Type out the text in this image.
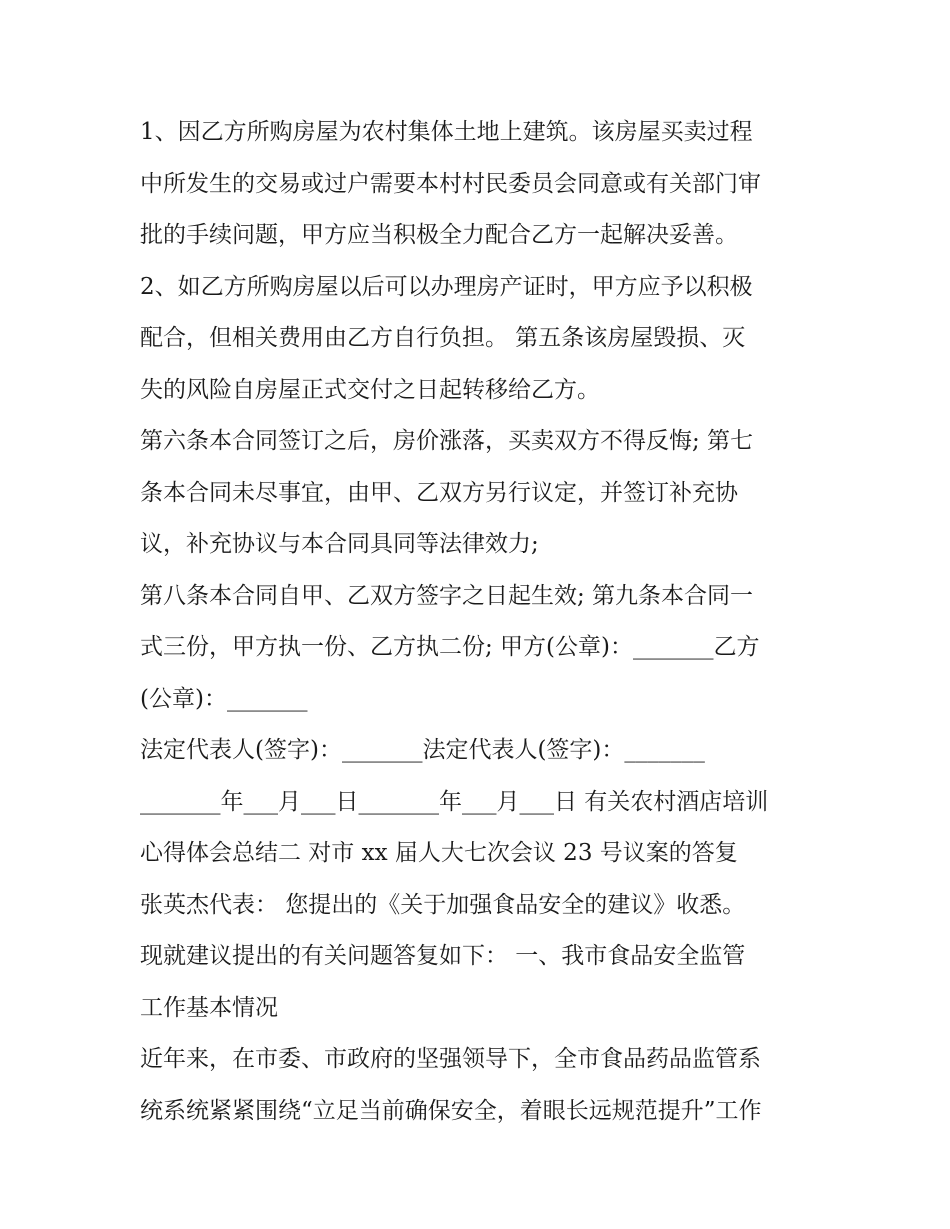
1、因乙方所购房屋为农村集体土地上建筑。该房屋买卖过程
中所发生的交易或过户需要本村村民委员会同意或有关部门审
批的手续问题，甲方应当积极全力配合乙方一起解决妥善。
2、如乙方所购房屋以后可以办理房产证时，甲方应予以积极
配合，但相关费用由乙方自行负担。 第五条该房屋毁损、灭
失的风险自房屋正式交付之日起转移给乙方。
第六条本合同签订之后，房价涨落，买卖双方不得反悔; 第七
条本合同未尽事宜，由甲、乙双方另行议定，并签订补充协
议，补充协议与本合同具同等法律效力;
第八条本合同自甲、乙双方签字之日起生效; 第九条本合同一
式三份，甲方执一份、乙方执二份; 甲方(公章)：_______乙方
(公章)：_______
法定代表人(签字)：_______法定代表人(签字)：_______
_______年___月___日_______年___月___日 有关农村酒店培训
心得体会总结二 对市 xx 届人大七次会议 23 号议案的答复
张英杰代表： 您提出的《关于加强食品安全的建议》收悉。
现就建议提出的有关问题答复如下： 一、我市食品安全监管
工作基本情况
近年来，在市委、市政府的坚强领导下，全市食品药品监管系
统系统紧紧围绕“立足当前确保安全，着眼长远规范提升”工作
